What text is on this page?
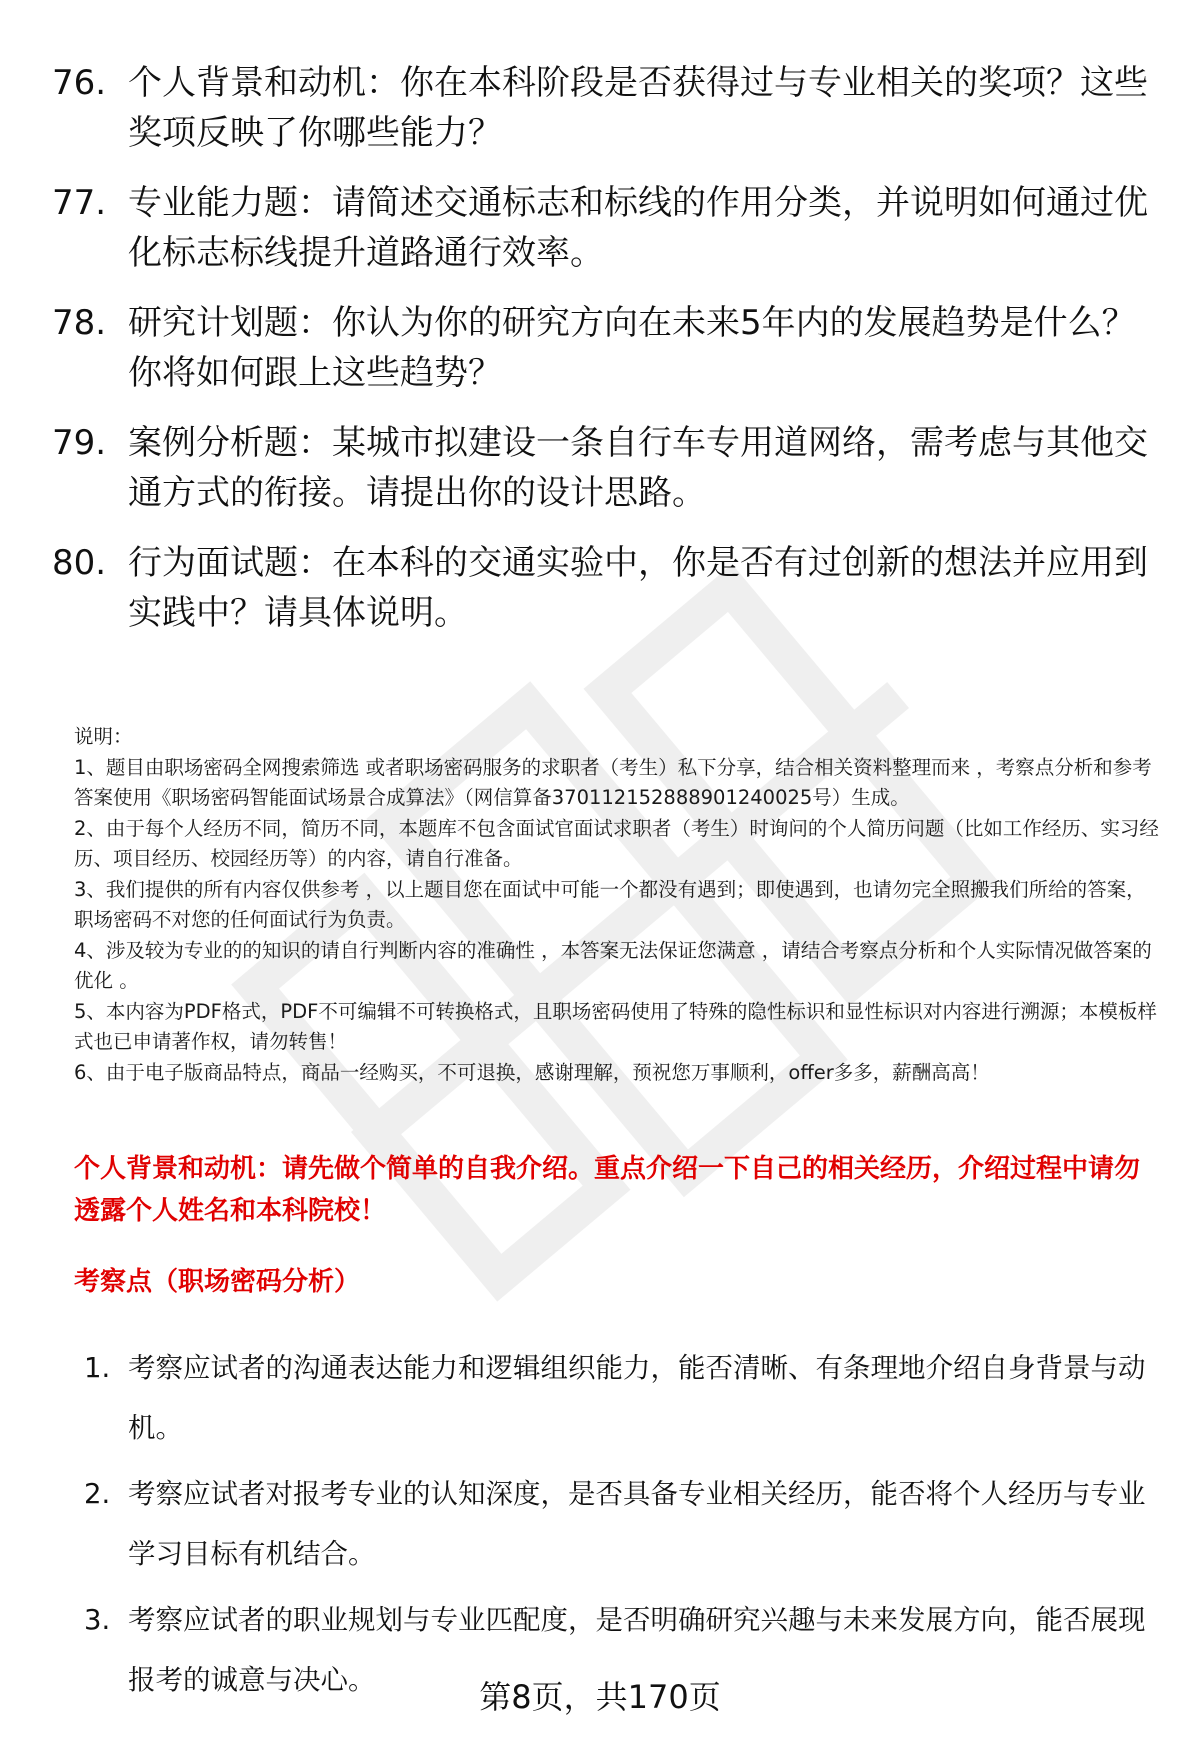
76. 个人背景和动机：你在本科阶段是否获得过与专业相关的奖项？这些奖项反映了你哪些能力？
77. 专业能力题：请简述交通标志和标线的作用分类，并说明如何通过优化标志标线提升道路通行效率。
78. 研究计划题：你认为你的研究方向在未来5年内的发展趋势是什么？你将如何跟上这些趋势？
79. 案例分析题：某城市拟建设一条自行车专用道网络，需考虑与其他交通方式的衔接。请提出你的设计思路。
80. 行为面试题：在本科的交通实验中，你是否有过创新的想法并应用到实践中？请具体说明。

说明：

1、题目由职场密码全网搜索筛选 或者职场密码服务的求职者（考生）私下分享，结合相关资料整理而来 ，考察点分析和参考答案使用《职场密码智能面试场景合成算法》（网信算备370112152888901240025号）生成。

2、由于每个人经历不同，简历不同，本题库不包含面试官面试求职者（考生）时询问的个人简历问题（比如工作经历、实习经历、项目经历、校园经历等）的内容，请自行准备。

3、我们提供的所有内容仅供参考 ，以上题目您在面试中可能一个都没有遇到；即使遇到，也请勿完全照搬我们所给的答案，职场密码不对您的任何面试行为负责。

4、涉及较为专业的的知识的请自行判断内容的准确性 ，本答案无法保证您满意 ，请结合考察点分析和个人实际情况做答案的优化 。

5、本内容为PDF格式，PDF不可编辑不可转换格式，且职场密码使用了特殊的隐性标识和显性标识对内容进行溯源；本模板样式也已申请著作权，请勿转售！

6、由于电子版商品特点，商品一经购买，不可退换，感谢理解，预祝您万事顺利，offer多多，薪酬高高！

个人背景和动机：请先做个简单的自我介绍。重点介绍一下自己的相关经历，介绍过程中请勿透露个人姓名和本科院校！
考察点（职场密码分析）
1. 考察应试者的沟通表达能力和逻辑组织能力，能否清晰、有条理地介绍自身背景与动机。
2. 考察应试者对报考专业的认知深度，是否具备专业相关经历，能否将个人经历与专业学习目标有机结合。
3. 考察应试者的职业规划与专业匹配度，是否明确研究兴趣与未来发展方向，能否展现报考的诚意与决心。	第8页，共170页
